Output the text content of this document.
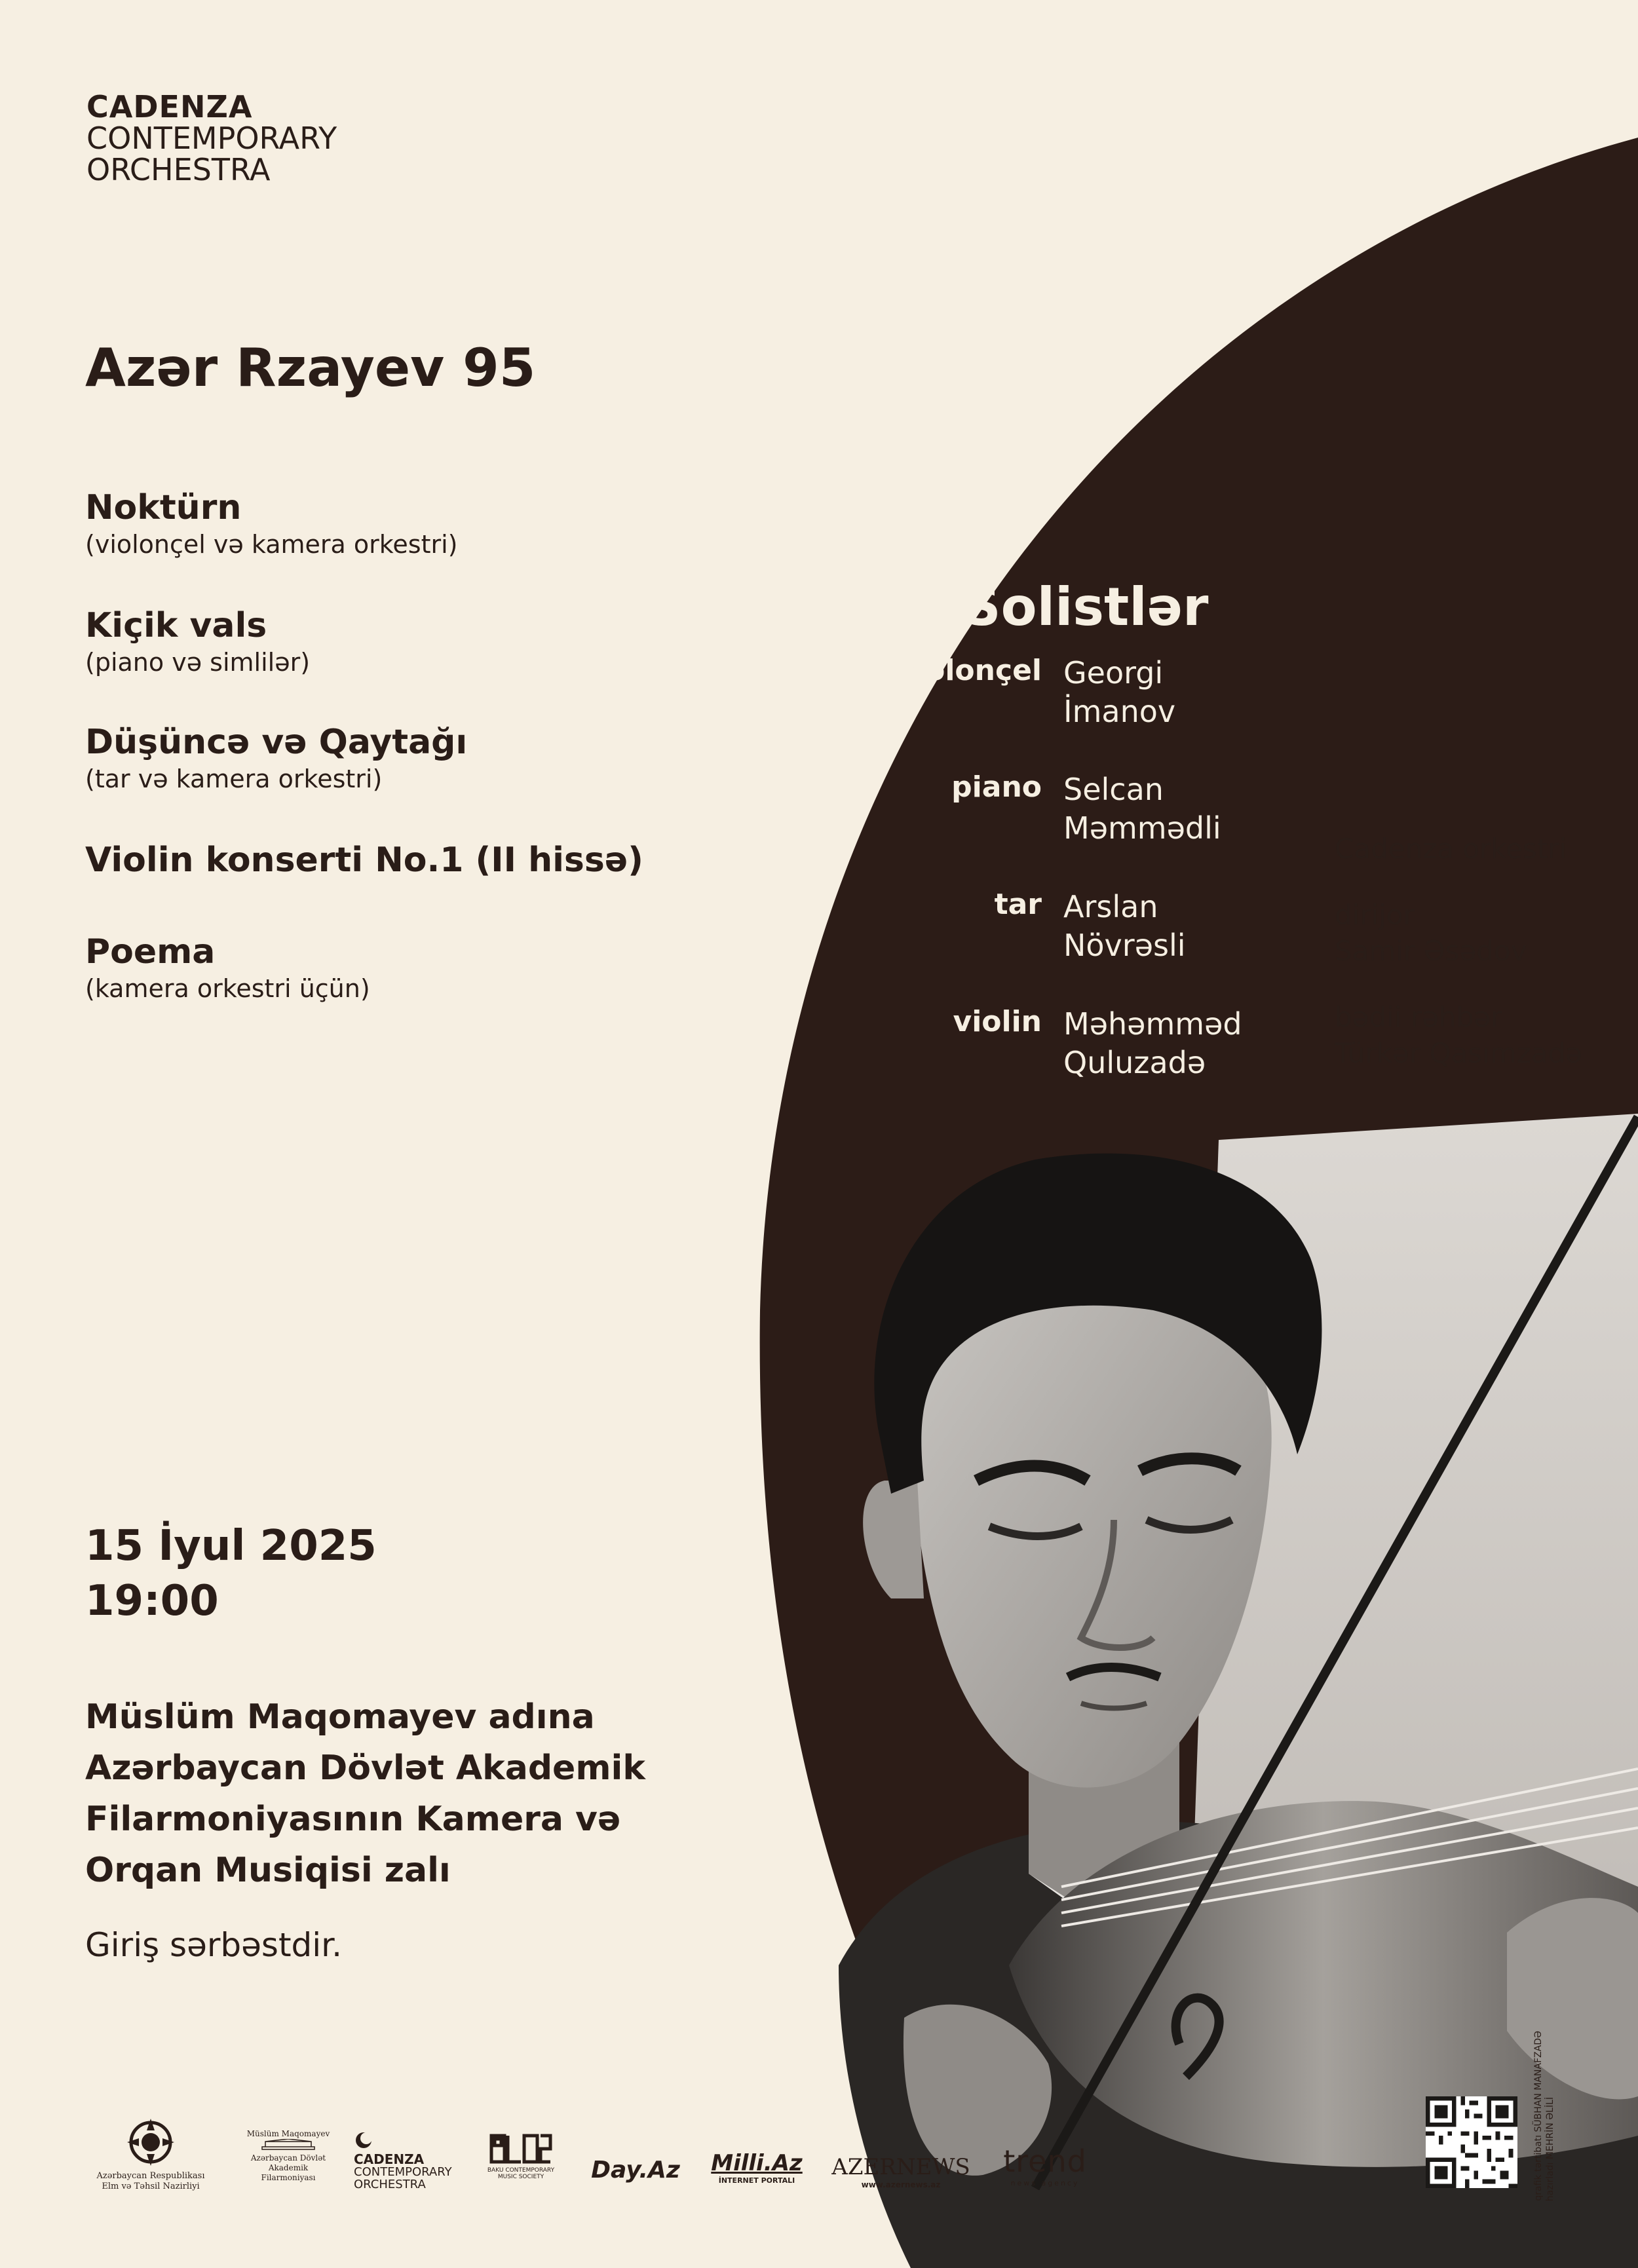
CADENZA
CONTEMPORARY
ORCHESTRA
Azər Rzayev 95
Noktürn
(violonçel və kamera orkestri)
Kiçik vals
(piano və simlilər)
Düşüncə və Qaytağı
(tar və kamera orkestri)
Violin konserti No.1 (II hissə)
Poema
(kamera orkestri üçün)
Solistlər
violonçel Georgi
İmanov
piano Selcan
Məmmədli
tar Arslan
Növrəsli
violin Məhəmməd
Quluzadə
Cadenza orkestri
dirijor
Samir Əsədov
bədii rəhbər
Türkər Qasımzadə
qrafik tərtibatı SÜBHAN MANAFZADƏ hazırladı MEHRİN ƏLİLİ
15 İyul 2025
19:00
Müslüm Maqomayev adına Azərbaycan Dövlət Akademik Filarmoniyasının Kamera və Orqan Musiqisi zalı
Giriş sərbəstdir.
Azərbaycan Respublikası
Elm və Təhsil Nazirliyi
Müslüm Maqomayev

Azərbaycan Dövlət
Akademik
Filarmoniyası

CADENZA
CONTEMPORARY
ORCHESTRA

BAKU CONTEMPORARY
MUSIC SOCIETY	Day.Az	Milli.Az
İNTERNET PORTALI
AZERNEWS
www.azernews.az
trend
news agency
